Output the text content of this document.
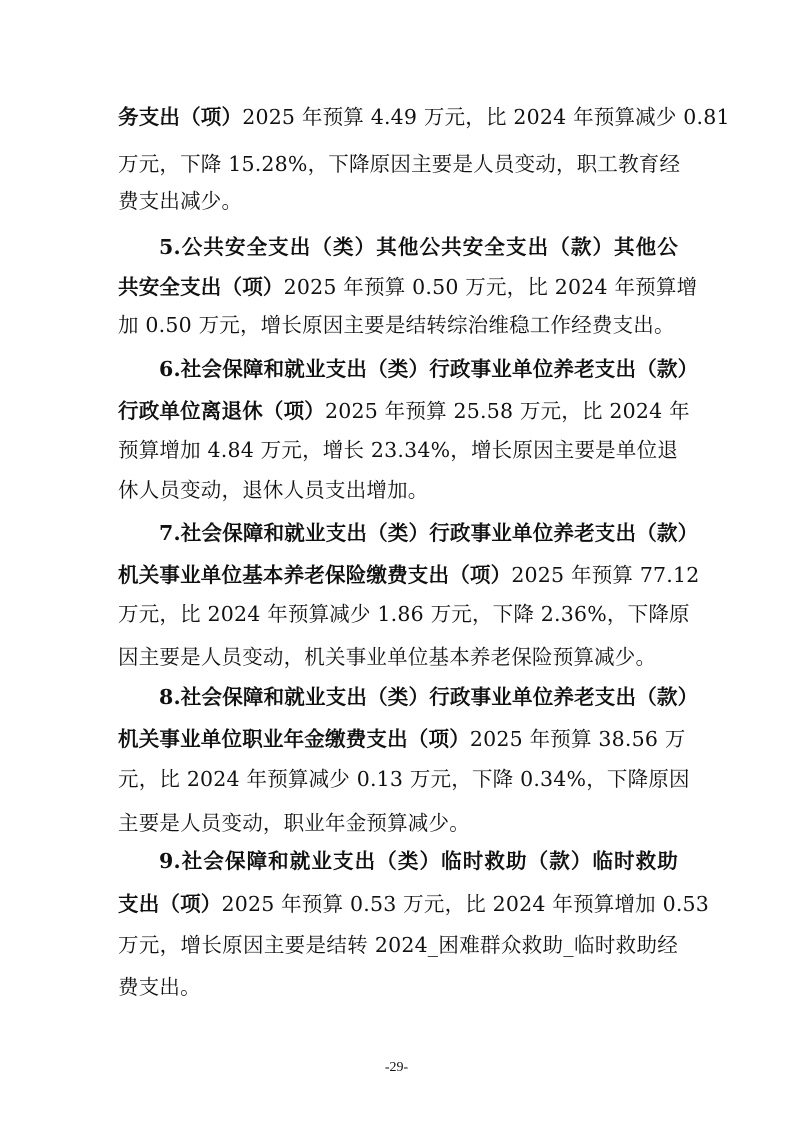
务支出（项）2025 年预算 4.49 万元，比 2024 年预算减少 0.81
万元，下降 15.28%，下降原因主要是人员变动，职工教育经
费支出减少。
5.公共安全支出（类）其他公共安全支出（款）其他公
共安全支出（项）2025 年预算 0.50 万元，比 2024 年预算增
加 0.50 万元，增长原因主要是结转综治维稳工作经费支出。
6.社会保障和就业支出（类）行政事业单位养老支出（款）
行政单位离退休（项）2025 年预算 25.58 万元，比 2024 年
预算增加 4.84 万元，增长 23.34%，增长原因主要是单位退
休人员变动，退休人员支出增加。
7.社会保障和就业支出（类）行政事业单位养老支出（款）
机关事业单位基本养老保险缴费支出（项）2025 年预算 77.12
万元，比 2024 年预算减少 1.86 万元，下降 2.36%，下降原
因主要是人员变动，机关事业单位基本养老保险预算减少。
8.社会保障和就业支出（类）行政事业单位养老支出（款）
机关事业单位职业年金缴费支出（项）2025 年预算 38.56 万
元，比 2024 年预算减少 0.13 万元，下降 0.34%，下降原因
主要是人员变动，职业年金预算减少。
9.社会保障和就业支出（类）临时救助（款）临时救助
支出（项）2025 年预算 0.53 万元，比 2024 年预算增加 0.53
万元，增长原因主要是结转 2024_困难群众救助_临时救助经
费支出。
-29-
